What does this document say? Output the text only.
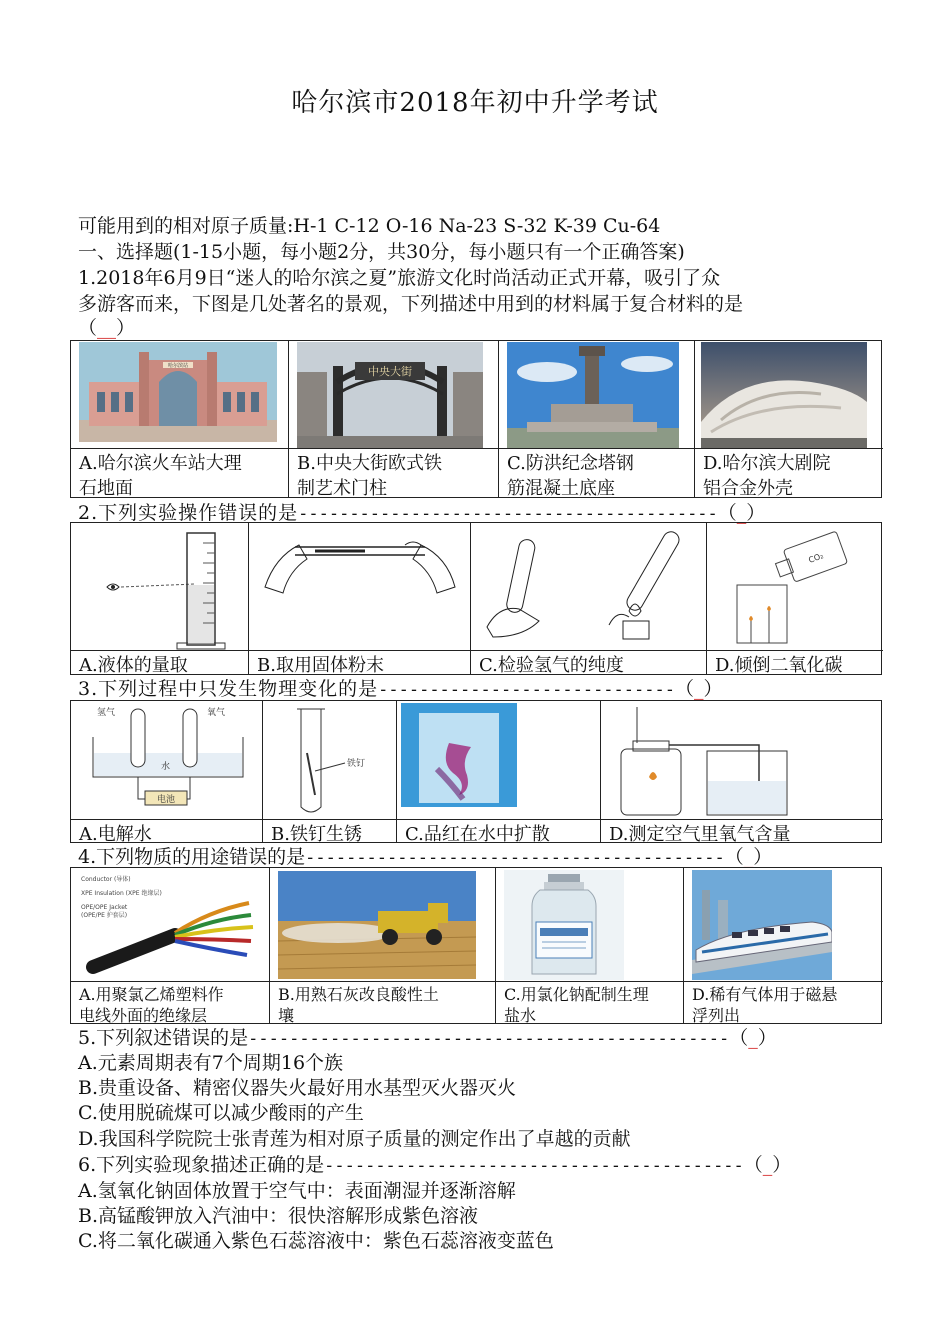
哈尔滨市2018年初中升学考试
可能用到的相对原子质量:H-1 C-12 O-16 Na-23 S-32 K-39 Cu-64
一、选择题(1-15小题，每小题2分，共30分，每小题只有一个正确答案)
1.2018年6月9日“迷人的哈尔滨之夏”旅游文化时尚活动正式开幕，吸引了众
多游客而来，下图是几处著名的景观，下列描述中用到的材料属于复合材料的是
（__）
哈尔滨站
A.哈尔滨火车站大理
石地面
中央大街
B.中央大街欧式铁
制艺术门柱
C.防洪纪念塔钢
筋混凝土底座
D.哈尔滨大剧院
铝合金外壳
2.下列实验操作错误的是-----------------------------------------（_）
A.液体的量取	B.取用固体粉末	C.检验氢气的纯度
CO₂
D.倾倒二氧化碳
3.下列过程中只发生物理变化的是-----------------------------（_）
氢气	氧气
水
电池
A.电解水
铁钉
B.铁钉生锈	C.品红在水中扩散	D.测定空气里氧气含量
4.下列物质的用途错误的是-----------------------------------------（_）
Conductor (导体)
XPE Insulation (XPE 绝缘层)
OPE/OPE Jacket
(OPE/PE 护套层)
A.用聚氯乙烯塑料作
电线外面的绝缘层
B.用熟石灰改良酸性土
壤
C.用氯化钠配制生理
盐水
D.稀有气体用于磁悬
浮列出
5.下列叙述错误的是-----------------------------------------------（_）
A.元素周期表有7个周期16个族
B.贵重设备、精密仪器失火最好用水基型灭火器灭火
C.使用脱硫煤可以减少酸雨的产生
D.我国科学院院士张青莲为相对原子质量的测定作出了卓越的贡献
6.下列实验现象描述正确的是-----------------------------------------（_）
A.氢氧化钠固体放置于空气中：表面潮湿并逐渐溶解
B.高锰酸钾放入汽油中：很快溶解形成紫色溶液
C.将二氧化碳通入紫色石蕊溶液中：紫色石蕊溶液变蓝色
